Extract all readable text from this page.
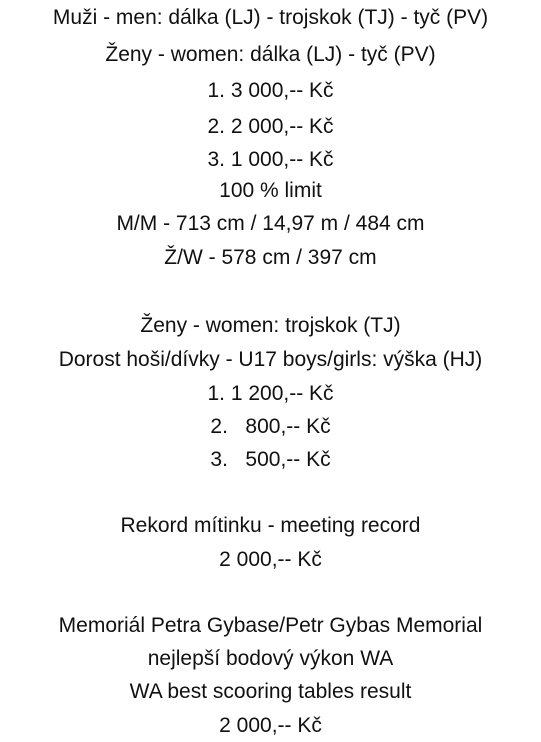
Muži - men: dálka (LJ) - trojskok (TJ) - tyč (PV)
Ženy - women: dálka (LJ) - tyč (PV)
1. 3 000,-- Kč
2. 2 000,-- Kč
3. 1 000,-- Kč
100 % limit
M/M - 713 cm / 14,97 m / 484 cm
Ž/W - 578 cm / 397 cm
Ženy - women: trojskok (TJ)
Dorost hoši/dívky - U17 boys/girls: výška (HJ)
1. 1 200,-- Kč
2.   800,-- Kč
3.   500,-- Kč
Rekord mítinku - meeting record
2 000,-- Kč
Memoriál Petra Gybase/Petr Gybas Memorial
nejlepší bodový výkon WA
WA best scooring tables result
2 000,-- Kč
